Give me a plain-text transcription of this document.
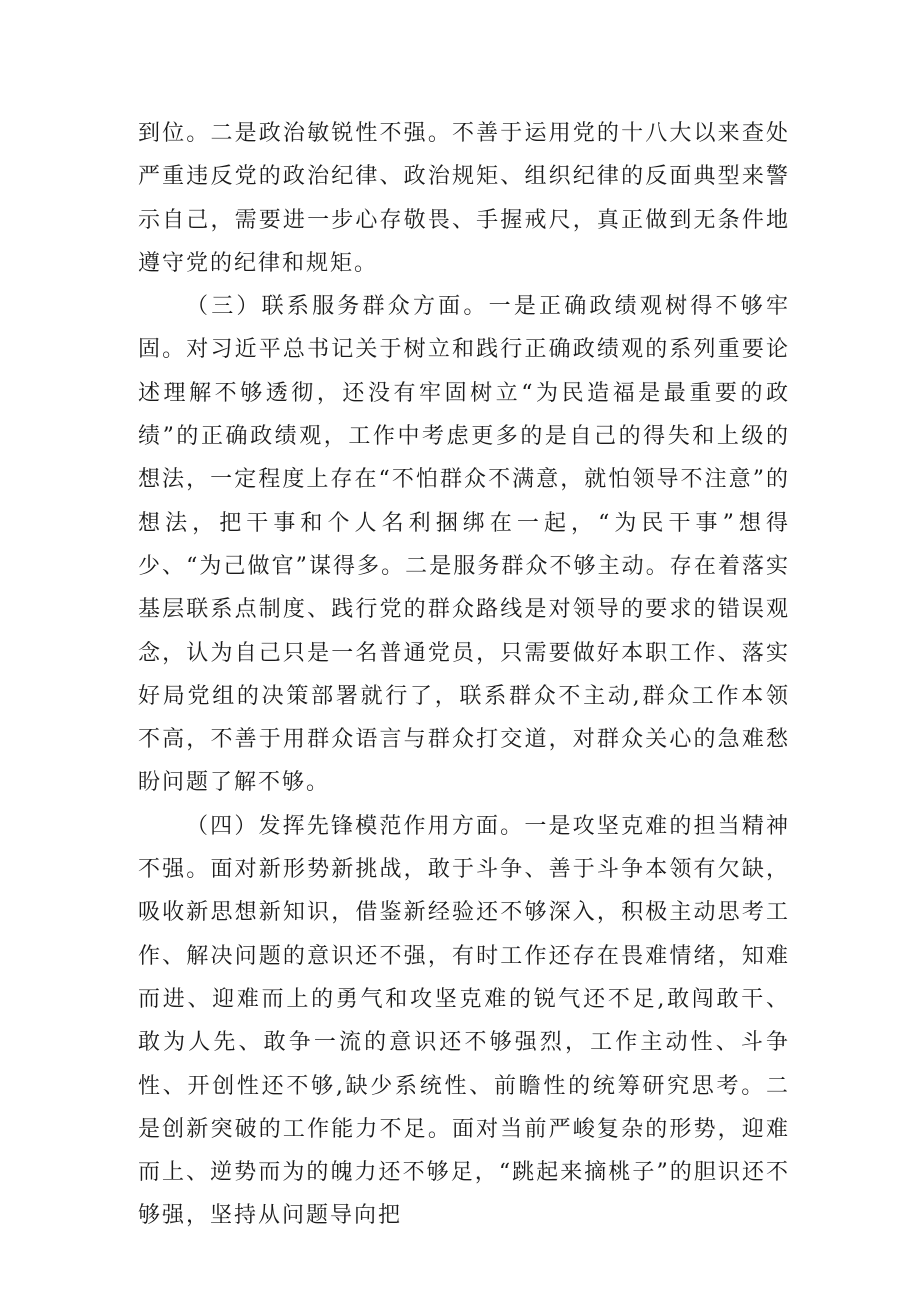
到位。二是政治敏锐性不强。不善于运用党的十八大以来查处严重违反党的政治纪律、政治规矩、组织纪律的反面典型来警示自己，需要进一步心存敬畏、手握戒尺，真正做到无条件地遵守党的纪律和规矩。

（三）联系服务群众方面。一是正确政绩观树得不够牢固。对习近平总书记关于树立和践行正确政绩观的系列重要论述理解不够透彻，还没有牢固树立“为民造福是最重要的政绩”的正确政绩观，工作中考虑更多的是自己的得失和上级的想法，一定程度上存在“不怕群众不满意，就怕领导不注意”的想法，把干事和个人名利捆绑在一起，“为民干事”想得少、“为己做官”谋得多。二是服务群众不够主动。存在着落实基层联系点制度、践行党的群众路线是对领导的要求的错误观念，认为自己只是一名普通党员，只需要做好本职工作、落实好局党组的决策部署就行了，联系群众不主动,群众工作本领不高，不善于用群众语言与群众打交道，对群众关心的急难愁盼问题了解不够。

（四）发挥先锋模范作用方面。一是攻坚克难的担当精神不强。面对新形势新挑战，敢于斗争、善于斗争本领有欠缺，吸收新思想新知识，借鉴新经验还不够深入，积极主动思考工作、解决问题的意识还不强，有时工作还存在畏难情绪，知难而进、迎难而上的勇气和攻坚克难的锐气还不足,敢闯敢干、敢为人先、敢争一流的意识还不够强烈，工作主动性、斗争性、开创性还不够,缺少系统性、前瞻性的统筹研究思考。二是创新突破的工作能力不足。面对当前严峻复杂的形势，迎难而上、逆势而为的魄力还不够足，“跳起来摘桃子”的胆识还不够强，坚持从问题导向把
